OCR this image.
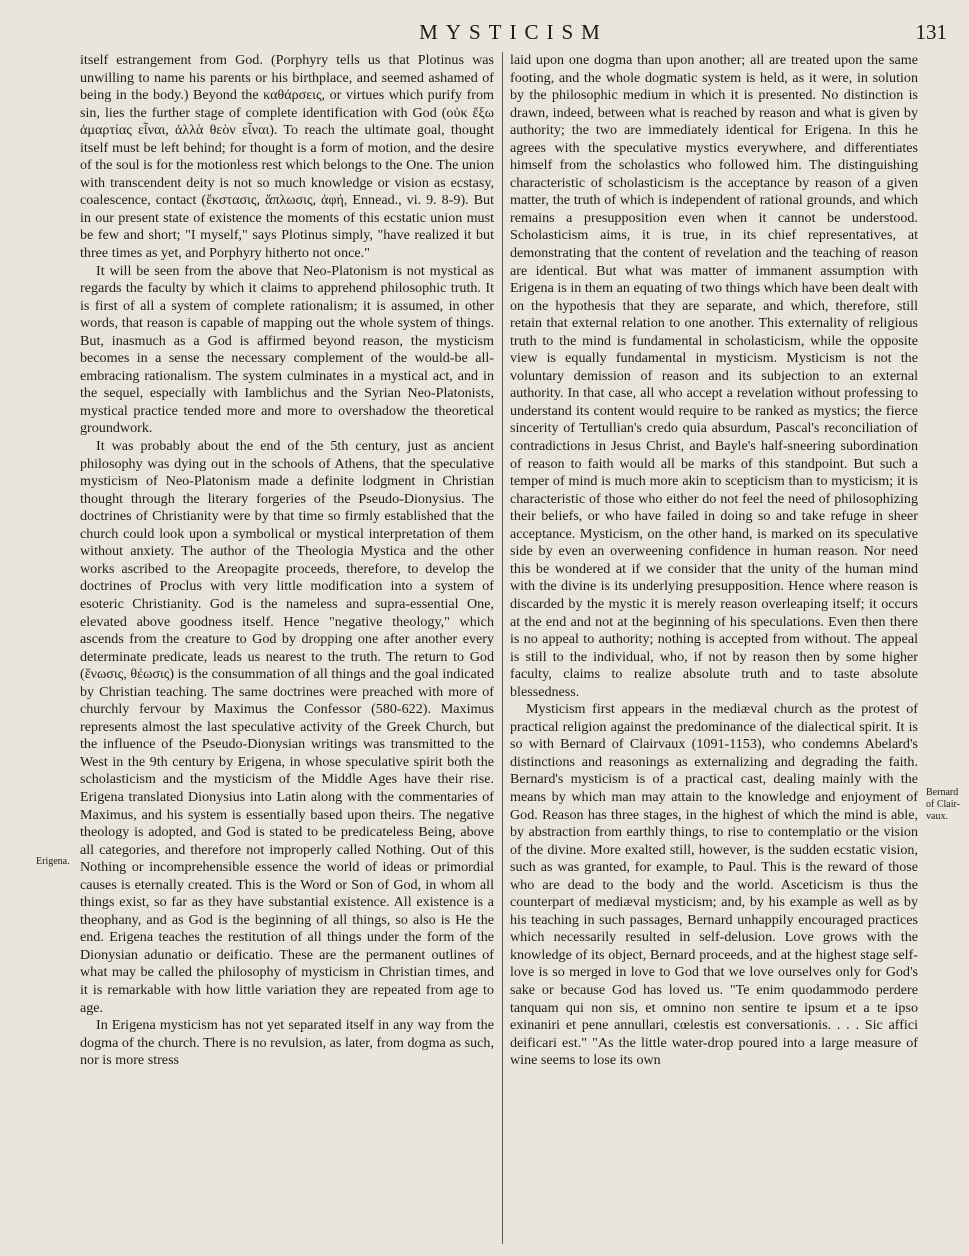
MYSTICISM	131
Erigena.
Bernard
of Clair-
vaux.

itself estrangement from God. (Porphyry tells us that Plotinus was unwilling to name his parents or his birthplace, and seemed ashamed of being in the body.) Beyond the καθάρσεις, or virtues which purify from sin, lies the further stage of complete identification with God (οὐκ ἔξω ἁμαρτίας εἶναι, ἀλλὰ θεὸν εἶναι). To reach the ultimate goal, thought itself must be left behind; for thought is a form of motion, and the desire of the soul is for the motionless rest which belongs to the One. The union with transcendent deity is not so much knowledge or vision as ecstasy, coalescence, contact (ἔκστασις, ἅπλωσις, ἀφή, Ennead., vi. 9. 8-9). But in our present state of existence the moments of this ecstatic union must be few and short; "I myself," says Plotinus simply, "have realized it but three times as yet, and Porphyry hitherto not once."

It will be seen from the above that Neo-Platonism is not mystical as regards the faculty by which it claims to apprehend philosophic truth. It is first of all a system of complete rationalism; it is assumed, in other words, that reason is capable of mapping out the whole system of things. But, inasmuch as a God is affirmed beyond reason, the mysticism becomes in a sense the necessary complement of the would-be all-embracing rationalism. The system culminates in a mystical act, and in the sequel, especially with Iamblichus and the Syrian Neo-Platonists, mystical practice tended more and more to overshadow the theoretical groundwork.

It was probably about the end of the 5th century, just as ancient philosophy was dying out in the schools of Athens, that the speculative mysticism of Neo-Platonism made a definite lodgment in Christian thought through the literary forgeries of the Pseudo-Dionysius. The doctrines of Christianity were by that time so firmly established that the church could look upon a symbolical or mystical interpretation of them without anxiety. The author of the Theologia Mystica and the other works ascribed to the Areopagite proceeds, therefore, to develop the doctrines of Proclus with very little modification into a system of esoteric Christianity. God is the nameless and supra-essential One, elevated above goodness itself. Hence "negative theology," which ascends from the creature to God by dropping one after another every determinate predicate, leads us nearest to the truth. The return to God (ἕνωσις, θέωσις) is the consummation of all things and the goal indicated by Christian teaching. The same doctrines were preached with more of churchly fervour by Maximus the Confessor (580-622). Maximus represents almost the last speculative activity of the Greek Church, but the influence of the Pseudo-Dionysian writings was transmitted to the West in the 9th century by Erigena, in whose speculative spirit both the scholasticism and the mysticism of the Middle Ages have their rise. Erigena translated Dionysius into Latin along with the commentaries of Maximus, and his system is essentially based upon theirs. The negative theology is adopted, and God is stated to be predicateless Being, above all categories, and therefore not improperly called Nothing. Out of this Nothing or incomprehensible essence the world of ideas or primordial causes is eternally created. This is the Word or Son of God, in whom all things exist, so far as they have substantial existence. All existence is a theophany, and as God is the beginning of all things, so also is He the end. Erigena teaches the restitution of all things under the form of the Dionysian adunatio or deificatio. These are the permanent outlines of what may be called the philosophy of mysticism in Christian times, and it is remarkable with how little variation they are repeated from age to age.

In Erigena mysticism has not yet separated itself in any way from the dogma of the church. There is no revulsion, as later, from dogma as such, nor is more stress

laid upon one dogma than upon another; all are treated upon the same footing, and the whole dogmatic system is held, as it were, in solution by the philosophic medium in which it is presented. No distinction is drawn, indeed, between what is reached by reason and what is given by authority; the two are immediately identical for Erigena. In this he agrees with the speculative mystics everywhere, and differentiates himself from the scholastics who followed him. The distinguishing characteristic of scholasticism is the acceptance by reason of a given matter, the truth of which is independent of rational grounds, and which remains a presupposition even when it cannot be understood. Scholasticism aims, it is true, in its chief representatives, at demonstrating that the content of revelation and the teaching of reason are identical. But what was matter of immanent assumption with Erigena is in them an equating of two things which have been dealt with on the hypothesis that they are separate, and which, therefore, still retain that external relation to one another. This externality of religious truth to the mind is fundamental in scholasticism, while the opposite view is equally fundamental in mysticism. Mysticism is not the voluntary demission of reason and its subjection to an external authority. In that case, all who accept a revelation without professing to understand its content would require to be ranked as mystics; the fierce sincerity of Tertullian's credo quia absurdum, Pascal's reconciliation of contradictions in Jesus Christ, and Bayle's half-sneering subordination of reason to faith would all be marks of this standpoint. But such a temper of mind is much more akin to scepticism than to mysticism; it is characteristic of those who either do not feel the need of philosophizing their beliefs, or who have failed in doing so and take refuge in sheer acceptance. Mysticism, on the other hand, is marked on its speculative side by even an overweening confidence in human reason. Nor need this be wondered at if we consider that the unity of the human mind with the divine is its underlying presupposition. Hence where reason is discarded by the mystic it is merely reason overleaping itself; it occurs at the end and not at the beginning of his speculations. Even then there is no appeal to authority; nothing is accepted from without. The appeal is still to the individual, who, if not by reason then by some higher faculty, claims to realize absolute truth and to taste absolute blessedness.

Mysticism first appears in the mediæval church as the protest of practical religion against the predominance of the dialectical spirit. It is so with Bernard of Clairvaux (1091-1153), who condemns Abelard's distinctions and reasonings as externalizing and degrading the faith. Bernard's mysticism is of a practical cast, dealing mainly with the means by which man may attain to the knowledge and enjoyment of God. Reason has three stages, in the highest of which the mind is able, by abstraction from earthly things, to rise to contemplatio or the vision of the divine. More exalted still, however, is the sudden ecstatic vision, such as was granted, for example, to Paul. This is the reward of those who are dead to the body and the world. Asceticism is thus the counterpart of mediæval mysticism; and, by his example as well as by his teaching in such passages, Bernard unhappily encouraged practices which necessarily resulted in self-delusion. Love grows with the knowledge of its object, Bernard proceeds, and at the highest stage self-love is so merged in love to God that we love ourselves only for God's sake or because God has loved us. "Te enim quodammodo perdere tanquam qui non sis, et omnino non sentire te ipsum et a te ipso exinaniri et pene annullari, cœlestis est conversationis. . . . Sic affici deificari est." "As the little water-drop poured into a large measure of wine seems to lose its own
